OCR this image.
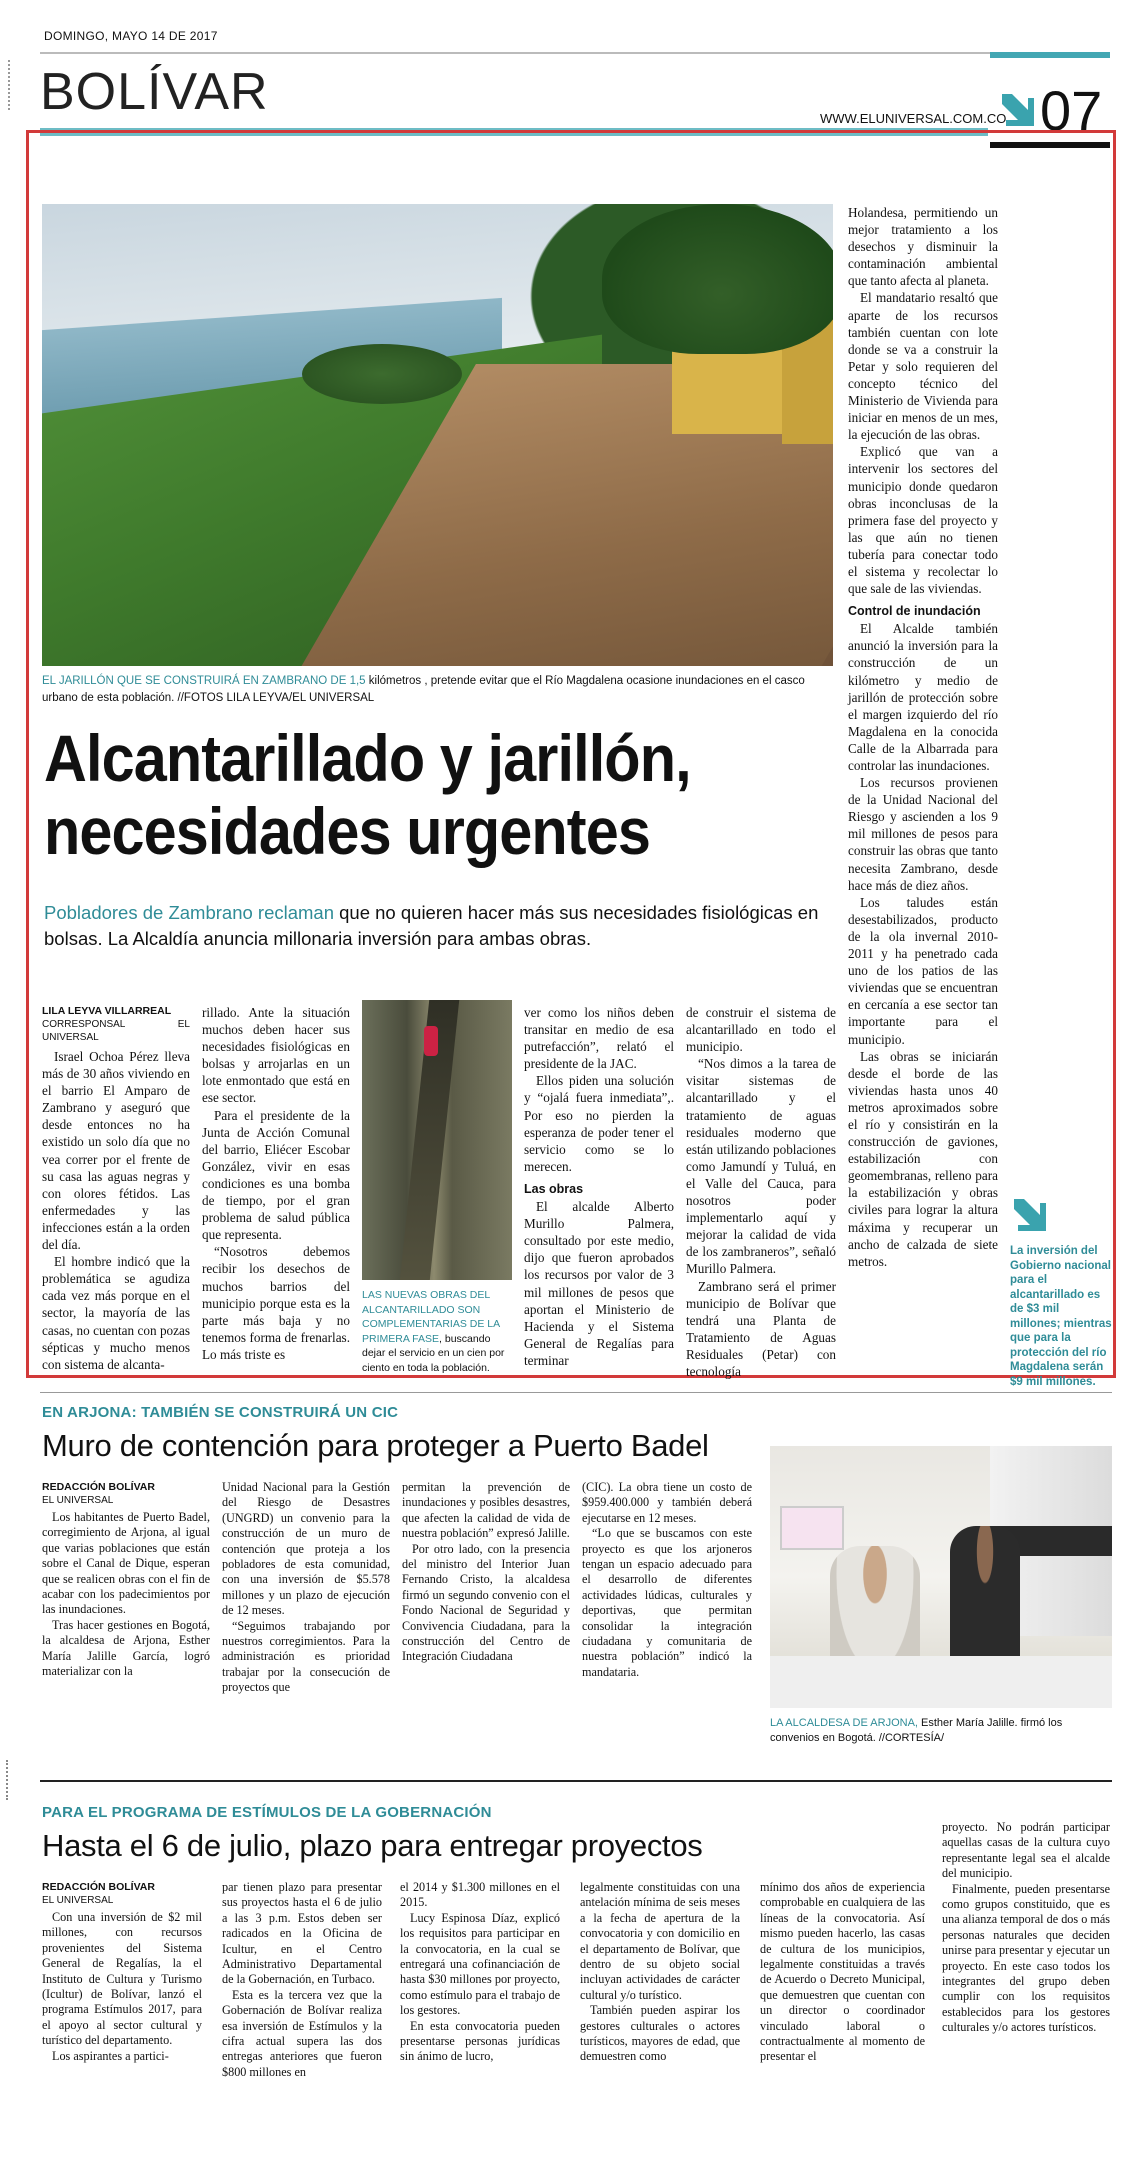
DOMINGO, MAYO 14 DE 2017
BOLÍVAR	WWW.ELUNIVERSAL.COM.CO 07
EL JARILLÓN QUE SE CONSTRUIRÁ EN ZAMBRANO DE 1,5 kilómetros , pretende evitar que el Río Magdalena ocasione inundaciones en el casco urbano de esta población. //FOTOS LILA LEYVA/EL UNIVERSAL
Alcantarillado y jarillón, necesidades urgentes
Pobladores de Zambrano reclaman que no quieren hacer más sus necesidades fisiológicas en bolsas. La Alcaldía anuncia millonaria inversión para ambas obras.
LILA LEYVA VILLARREAL
CORRESPONSAL EL UNIVERSAL

Israel Ochoa Pérez lleva más de 30 años viviendo en el barrio El Amparo de Zambrano y aseguró que desde entonces no ha existido un solo día que no vea correr por el frente de su casa las aguas negras y con olores fétidos. Las enfermedades y las infecciones están a la orden del día.

El hombre indicó que la problemática se agudiza cada vez más porque en el sector, la mayoría de las casas, no cuentan con pozas sépticas y mucho menos con sistema de alcanta-

rillado. Ante la situación muchos deben hacer sus necesidades fisiológicas en bolsas y arrojarlas en un lote enmontado que está en ese sector.

Para el presidente de la Junta de Acción Comunal del barrio, Eliécer Escobar González, vivir en esas condiciones es una bomba de tiempo, por el gran problema de salud pública que representa.

“Nosotros debemos recibir los desechos de muchos barrios del municipio porque esta es la parte más baja y no tenemos forma de frenarlas. Lo más triste es

LAS NUEVAS OBRAS DEL ALCANTARILLADO SON COMPLEMENTARIAS DE LA PRIMERA FASE, buscando dejar el servicio en un cien por ciento en toda la población.

ver como los niños deben transitar en medio de esa putrefacción”, relató el presidente de la JAC.

Ellos piden una solución y “ojalá fuera inmediata”,. Por eso no pierden la esperanza de poder tener el servicio como se lo merecen.

Las obras

El alcalde Alberto Murillo Palmera, consultado por este medio, dijo que fueron aprobados los recursos por valor de 3 mil millones de pesos que aportan el Ministerio de Hacienda y el Sistema General de Regalías para terminar

de construir el sistema de alcantarillado en todo el municipio.

“Nos dimos a la tarea de visitar sistemas de alcantarillado y el tratamiento de aguas residuales moderno que están utilizando poblaciones como Jamundí y Tuluá, en el Valle del Cauca, para nosotros poder implementarlo aquí y mejorar la calidad de vida de los zambraneros”, señaló Murillo Palmera.

Zambrano será el primer municipio de Bolívar que tendrá una Planta de Tratamiento de Aguas Residuales (Petar) con tecnología

Holandesa, permitiendo un mejor tratamiento a los desechos y disminuir la contaminación ambiental que tanto afecta al planeta.

El mandatario resaltó que aparte de los recursos también cuentan con lote donde se va a construir la Petar y solo requieren del concepto técnico del Ministerio de Vivienda para iniciar en menos de un mes, la ejecución de las obras.

Explicó que van a intervenir los sectores del municipio donde quedaron obras inconclusas de la primera fase del proyecto y las que aún no tienen tubería para conectar todo el sistema y recolectar lo que sale de las viviendas.

Control de inundación

El Alcalde también anunció la inversión para la construcción de un kilómetro y medio de jarillón de protección sobre el margen izquierdo del río Magdalena en la conocida Calle de la Albarrada para controlar las inundaciones.

Los recursos provienen de la Unidad Nacional del Riesgo y ascienden a los 9 mil millones de pesos para construir las obras que tanto necesita Zambrano, desde hace más de diez años.

Los taludes están desestabilizados, producto de la ola invernal 2010-2011 y ha penetrado cada uno de los patios de las viviendas que se encuentran en cercanía a ese sector tan importante para el municipio.

Las obras se iniciarán desde el borde de las viviendas hasta unos 40 metros aproximados sobre el río y consistirán en la construcción de gaviones, estabilización con geomembranas, relleno para la estabilización y obras civiles para lograr la altura máxima y recuperar un ancho de calzada de siete metros.

La inversión del Gobierno nacional para el alcantarillado es de $3 mil millones; mientras que para la protección del río Magdalena serán $9 mil millones.
EN ARJONA: TAMBIÉN SE CONSTRUIRÁ UN CIC
Muro de contención para proteger a Puerto Badel
REDACCIÓN BOLÍVAR
EL UNIVERSAL

Los habitantes de Puerto Badel, corregimiento de Arjona, al igual que varias poblaciones que están sobre el Canal de Dique, esperan que se realicen obras con el fin de acabar con los padecimientos por las inundaciones.

Tras hacer gestiones en Bogotá, la alcaldesa de Arjona, Esther María Jalille García, logró materializar con la

Unidad Nacional para la Gestión del Riesgo de Desastres (UNGRD) un convenio para la construcción de un muro de contención que proteja a los pobladores de esta comunidad, con una inversión de $5.578 millones y un plazo de ejecución de 12 meses.

“Seguimos trabajando por nuestros corregimientos. Para la administración es prioridad trabajar por la consecución de proyectos que

permitan la prevención de inundaciones y posibles desastres, que afecten la calidad de vida de nuestra población” expresó Jalille.

Por otro lado, con la presencia del ministro del Interior Juan Fernando Cristo, la alcaldesa firmó un segundo convenio con el Fondo Nacional de Seguridad y Convivencia Ciudadana, para la construcción del Centro de Integración Ciudadana

(CIC). La obra tiene un costo de $959.400.000 y también deberá ejecutarse en 12 meses.

“Lo que se buscamos con este proyecto es que los arjoneros tengan un espacio adecuado para el desarrollo de diferentes actividades lúdicas, culturales y deportivas, que permitan consolidar la integración ciudadana y comunitaria de nuestra población” indicó la mandataria.

LA ALCALDESA DE ARJONA, Esther María Jalille. firmó los convenios en Bogotá. //CORTESÍA/
PARA EL PROGRAMA DE ESTÍMULOS DE LA GOBERNACIÓN
Hasta el 6 de julio, plazo para entregar proyectos
REDACCIÓN BOLÍVAR
EL UNIVERSAL

Con una inversión de $2 mil millones, con recursos provenientes del Sistema General de Regalías, la el Instituto de Cultura y Turismo (Icultur) de Bolívar, lanzó el programa Estímulos 2017, para el apoyo al sector cultural y turístico del departamento.

Los aspirantes a partici-

par tienen plazo para presentar sus proyectos hasta el 6 de julio a las 3 p.m. Estos deben ser radicados en la Oficina de Icultur, en el Centro Administrativo Departamental de la Gobernación, en Turbaco.

Esta es la tercera vez que la Gobernación de Bolívar realiza esa inversión de Estímulos y la cifra actual supera las dos entregas anteriores que fueron $800 millones en

el 2014 y $1.300 millones en el 2015.

Lucy Espinosa Díaz, explicó los requisitos para participar en la convocatoria, en la cual se entregará una cofinanciación de hasta $30 millones por proyecto, como estímulo para el trabajo de los gestores.

En esta convocatoria pueden presentarse personas jurídicas sin ánimo de lucro,

legalmente constituidas con una antelación mínima de seis meses a la fecha de apertura de la convocatoria y con domicilio en el departamento de Bolívar, que dentro de su objeto social incluyan actividades de carácter cultural y/o turístico.

También pueden aspirar los gestores culturales o actores turísticos, mayores de edad, que demuestren como

mínimo dos años de experiencia comprobable en cualquiera de las líneas de la convocatoria. Así mismo pueden hacerlo, las casas de cultura de los municipios, legalmente constituidas a través de Acuerdo o Decreto Municipal, que demuestren que cuentan con un director o coordinador vinculado laboral o contractualmente al momento de presentar el

proyecto. No podrán participar aquellas casas de la cultura cuyo representante legal sea el alcalde del municipio.

Finalmente, pueden presentarse como grupos constituido, que es una alianza temporal de dos o más personas naturales que deciden unirse para presentar y ejecutar un proyecto. En este caso todos los integrantes del grupo deben cumplir con los requisitos establecidos para los gestores culturales y/o actores turísticos.
